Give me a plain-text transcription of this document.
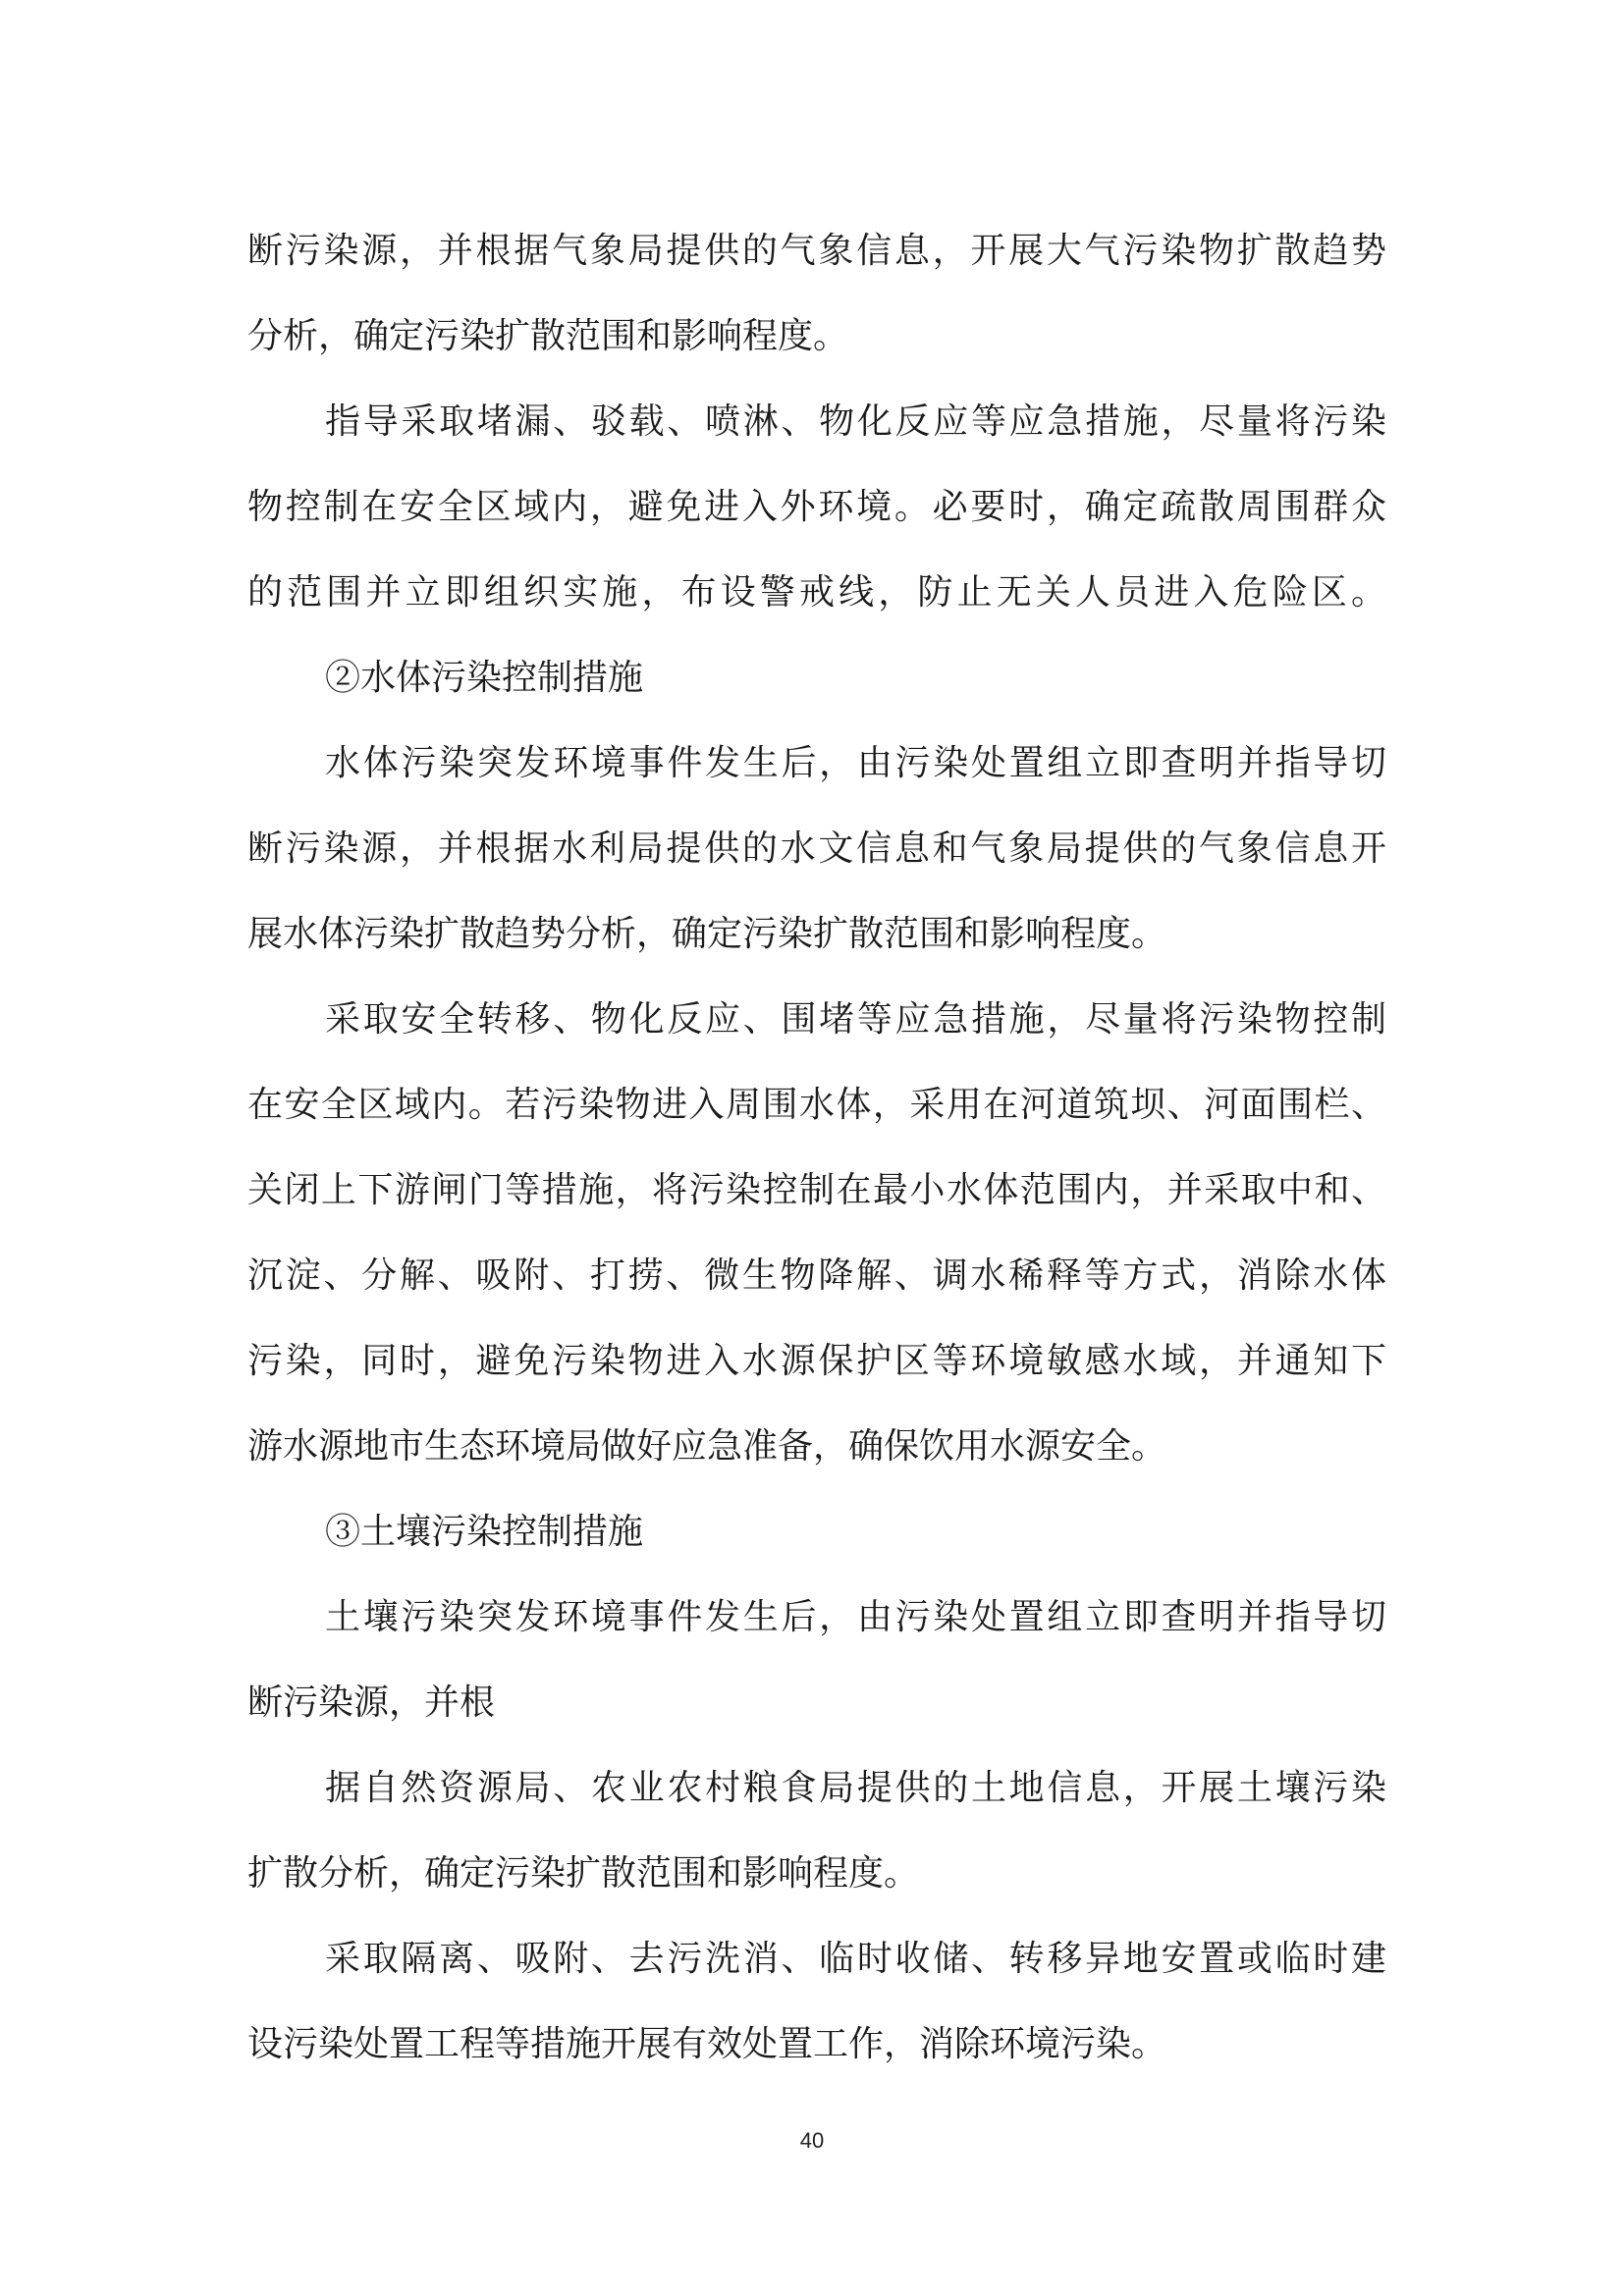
断污染源，并根据气象局提供的气象信息，开展大气污染物扩散趋势
分析，确定污染扩散范围和影响程度。
指导采取堵漏、驳载、喷淋、物化反应等应急措施，尽量将污染
物控制在安全区域内，避免进入外环境。必要时，确定疏散周围群众
的范围并立即组织实施，布设警戒线，防止无关人员进入危险区。
②水体污染控制措施
水体污染突发环境事件发生后，由污染处置组立即查明并指导切
断污染源，并根据水利局提供的水文信息和气象局提供的气象信息开
展水体污染扩散趋势分析，确定污染扩散范围和影响程度。
采取安全转移、物化反应、围堵等应急措施，尽量将污染物控制
在安全区域内。若污染物进入周围水体，采用在河道筑坝、河面围栏、
关闭上下游闸门等措施，将污染控制在最小水体范围内，并采取中和、
沉淀、分解、吸附、打捞、微生物降解、调水稀释等方式，消除水体
污染，同时，避免污染物进入水源保护区等环境敏感水域，并通知下
游水源地市生态环境局做好应急准备，确保饮用水源安全。
③土壤污染控制措施
土壤污染突发环境事件发生后，由污染处置组立即查明并指导切
断污染源，并根
据自然资源局、农业农村粮食局提供的土地信息，开展土壤污染
扩散分析，确定污染扩散范围和影响程度。
采取隔离、吸附、去污洗消、临时收储、转移异地安置或临时建
设污染处置工程等措施开展有效处置工作，消除环境污染。
40
